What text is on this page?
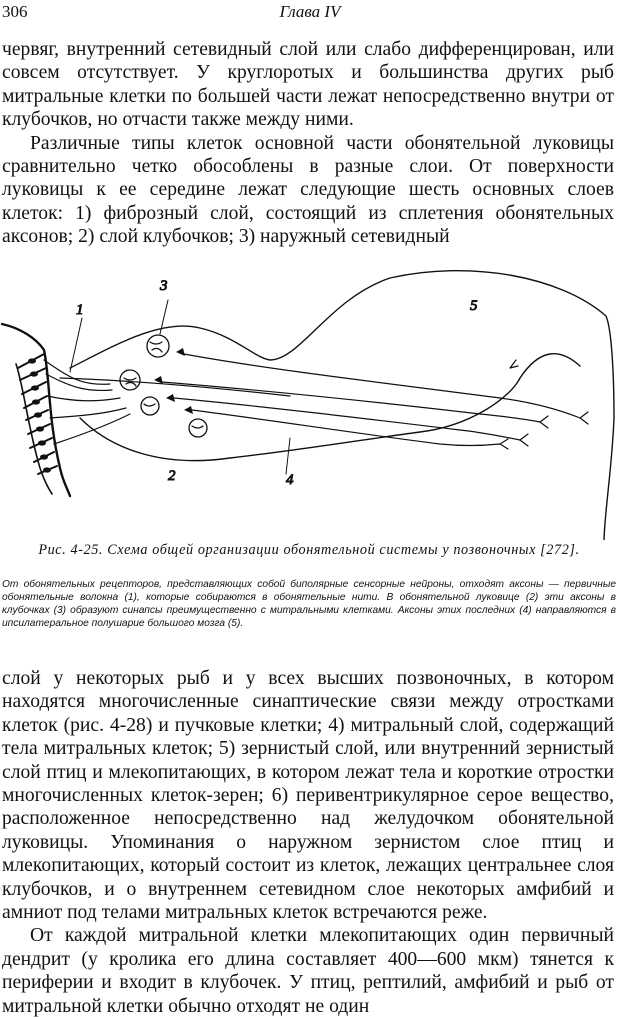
306	Глава IV

червяг, внутренний сетевидный слой или слабо дифференцирован, или совсем отсутствует. У круглоротых и большинства других рыб митральные клетки по большей части лежат непосредственно внутри от клубочков, но отчасти также между ними.

Различные типы клеток основной части обонятельной луковицы сравнительно четко обособлены в разные слои. От поверхности луковицы к ее середине лежат следующие шесть основных слоев клеток: 1) фиброзный слой, состоящий из сплетения обонятельных аксонов; 2) слой клубочков; 3) наружный сетевидный

1
3
5
2	4
Рис. 4-25. Схема общей организации обонятельной системы у позвоночных [272].
От обонятельных рецепторов, представляющих собой биполярные сенсорные нейроны, отходят аксоны — первичные обонятельные волокна (1), которые собираются в обонятельные нити. В обонятельной луковице (2) эти аксоны в клубочках (3) образуют синапсы преимущественно с митральными клетками. Аксоны этих последних (4) направляются в ипсилатеральное полушарие большого мозга (5).

слой у некоторых рыб и у всех высших позвоночных, в котором находятся многочисленные синаптические связи между отростками клеток (рис. 4-28) и пучковые клетки; 4) митральный слой, содержащий тела митральных клеток; 5) зернистый слой, или внутренний зернистый слой птиц и млекопитающих, в котором лежат тела и короткие отростки многочисленных клеток-зерен; 6) перивентрикулярное серое вещество, расположенное непосредственно над желудочком обонятельной луковицы. Упоминания о наружном зернистом слое птиц и млекопитающих, который состоит из клеток, лежащих центральнее слоя клубочков, и о внутреннем сетевидном слое некоторых амфибий и амниот под телами митральных клеток встречаются реже.

От каждой митральной клетки млекопитающих один первичный дендрит (у кролика его длина составляет 400—600 мкм) тянется к периферии и входит в клубочек. У птиц, рептилий, амфибий и рыб от митральной клетки обычно отходят не один
